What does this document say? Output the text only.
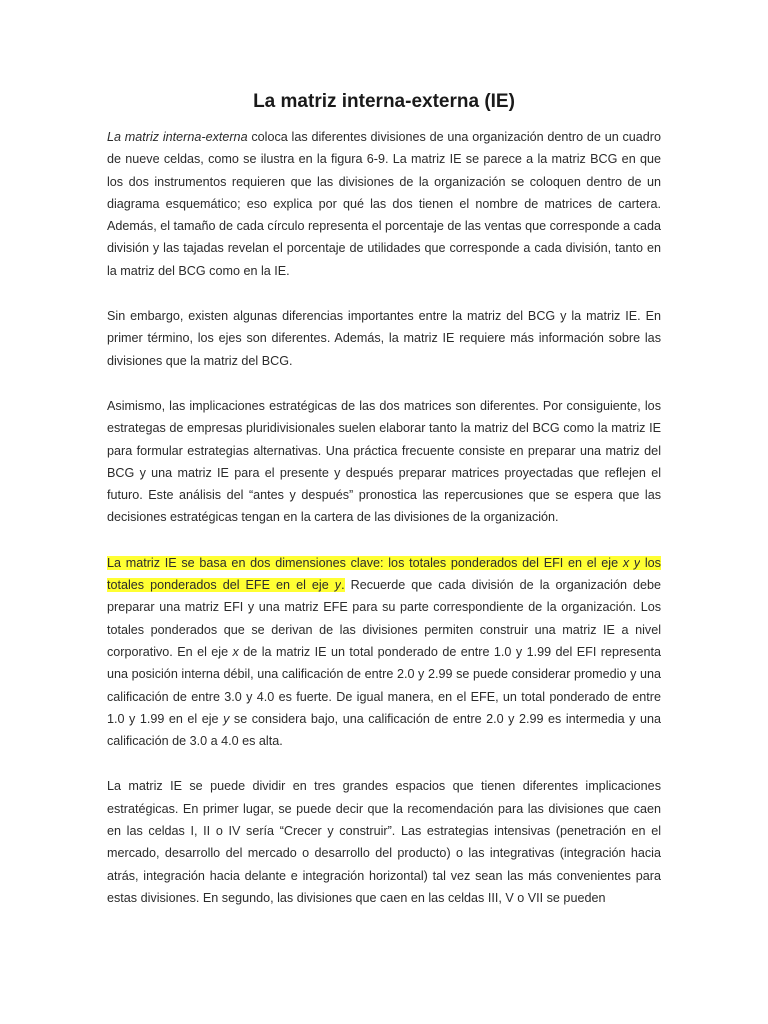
La matriz interna-externa (IE)

La matriz interna-externa coloca las diferentes divisiones de una organización dentro de un cuadro de nueve celdas, como se ilustra en la figura 6-9. La matriz IE se parece a la matriz BCG en que los dos instrumentos requieren que las divisiones de la organización se coloquen dentro de un diagrama esquemático; eso explica por qué las dos tienen el nombre de matrices de cartera. Además, el tamaño de cada círculo representa el porcentaje de las ventas que corresponde a cada división y las tajadas revelan el porcentaje de utilidades que corresponde a cada división, tanto en la matriz del BCG como en la IE.

Sin embargo, existen algunas diferencias importantes entre la matriz del BCG y la matriz IE. En primer término, los ejes son diferentes. Además, la matriz IE requiere más información sobre las divisiones que la matriz del BCG.

Asimismo, las implicaciones estratégicas de las dos matrices son diferentes. Por consiguiente, los estrategas de empresas pluridivisionales suelen elaborar tanto la matriz del BCG como la matriz IE para formular estrategias alternativas. Una práctica frecuente consiste en preparar una matriz del BCG y una matriz IE para el presente y después preparar matrices proyectadas que reflejen el futuro. Este análisis del “antes y después” pronostica las repercusiones que se espera que las decisiones estratégicas tengan en la cartera de las divisiones de la organización.

La matriz IE se basa en dos dimensiones clave: los totales ponderados del EFI en el eje x y los totales ponderados del EFE en el eje y. Recuerde que cada división de la organización debe preparar una matriz EFI y una matriz EFE para su parte correspondiente de la organización. Los totales ponderados que se derivan de las divisiones permiten construir una matriz IE a nivel corporativo. En el eje x de la matriz IE un total ponderado de entre 1.0 y 1.99 del EFI representa una posición interna débil, una calificación de entre 2.0 y 2.99 se puede considerar promedio y una calificación de entre 3.0 y 4.0 es fuerte. De igual manera, en el EFE, un total ponderado de entre 1.0 y 1.99 en el eje y se considera bajo, una calificación de entre 2.0 y 2.99 es intermedia y una calificación de 3.0 a 4.0 es alta.

La matriz IE se puede dividir en tres grandes espacios que tienen diferentes implicaciones estratégicas. En primer lugar, se puede decir que la recomendación para las divisiones que caen en las celdas I, II o IV sería “Crecer y construir”. Las estrategias intensivas (penetración en el mercado, desarrollo del mercado o desarrollo del producto) o las integrativas (integración hacia atrás, integración hacia delante e integración horizontal) tal vez sean las más convenientes para estas divisiones. En segundo, las divisiones que caen en las celdas III, V o VII se pueden
